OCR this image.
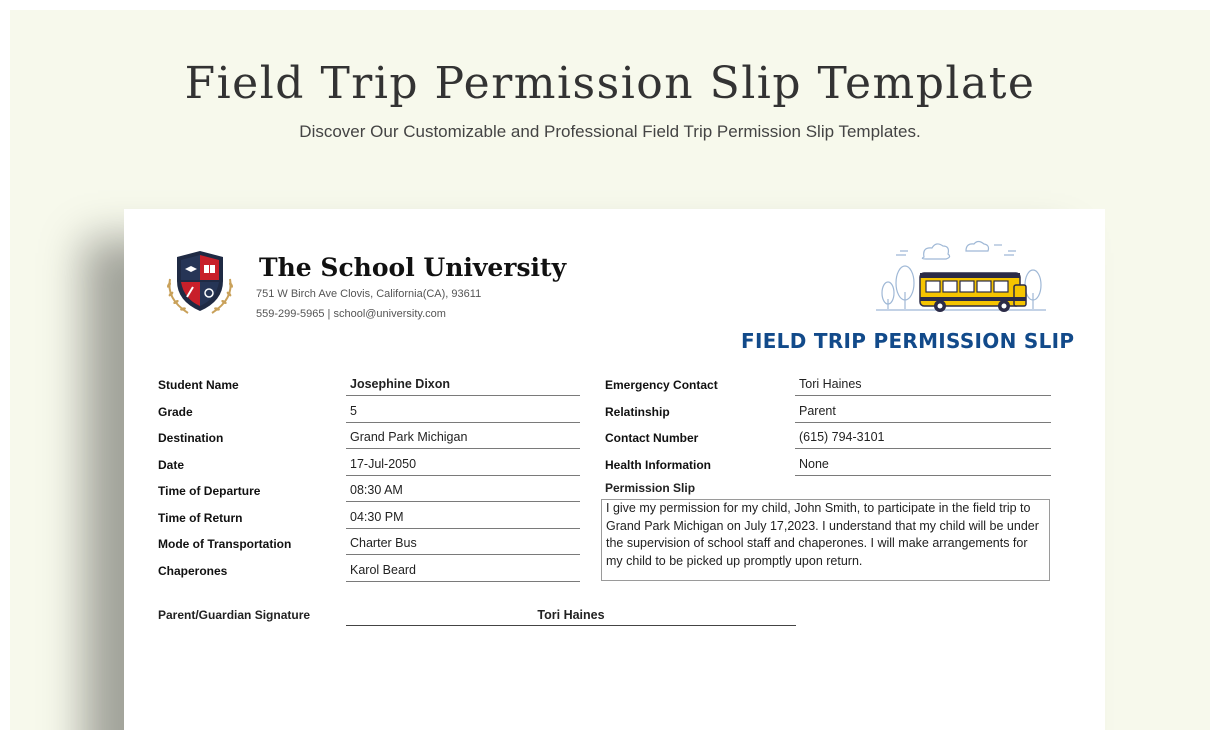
Field Trip Permission Slip Template

Discover Our Customizable and Professional Field Trip Permission Slip Templates.

The School University
751 W Birch Ave Clovis, California(CA), 93611
559-299-5965 | school@university.com
FIELD TRIP PERMISSION SLIP
Student Name	Josephine Dixon
Grade	5
Destination	Grand Park Michigan
Date	17-Jul-2050
Time of Departure	08:30 AM
Time of Return	04:30 PM
Mode of Transportation	Charter Bus
Chaperones	Karol Beard
Emergency Contact	Tori Haines
Relatinship	Parent
Contact Number	(615) 794-3101
Health Information	None
Permission Slip
I give my permission for my child, John Smith, to participate in the field trip to Grand Park Michigan on July 17,2023. I understand that my child will be under the supervision of school staff and chaperones. I will make arrangements for my child to be picked up promptly upon return.
Parent/Guardian Signature	Tori Haines
